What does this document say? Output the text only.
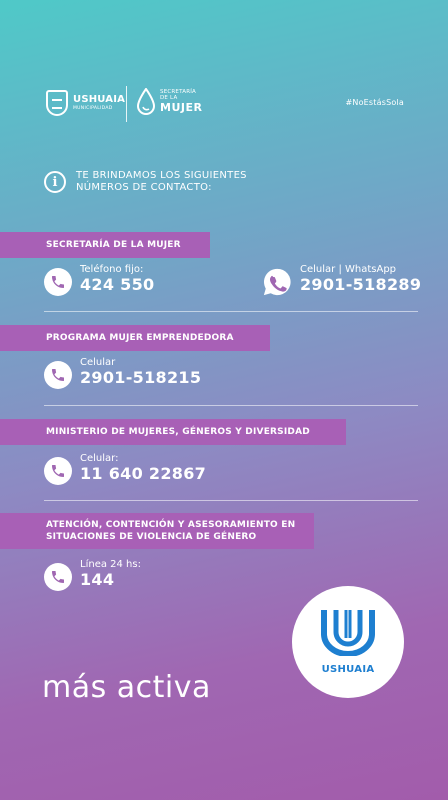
USHUAIA
MUNICIPALIDAD
SECRETARÍA
DE LA
MUJER	#NoEstásSola
i	TE BRINDAMOS LOS SIGUIENTES NÚMEROS DE CONTACTO:
SECRETARÍA DE LA MUJER
Teléfono fijo:
424 550
Celular | WhatsApp
2901-518289
PROGRAMA MUJER EMPRENDEDORA
Celular
2901-518215
MINISTERIO DE MUJERES, GÉNEROS Y DIVERSIDAD
Celular:
11 640 22867
ATENCIÓN, CONTENCIÓN Y ASESORAMIENTO EN SITUACIONES DE VIOLENCIA DE GÉNERO
Línea 24 hs:
144
USHUAIA
más activa
